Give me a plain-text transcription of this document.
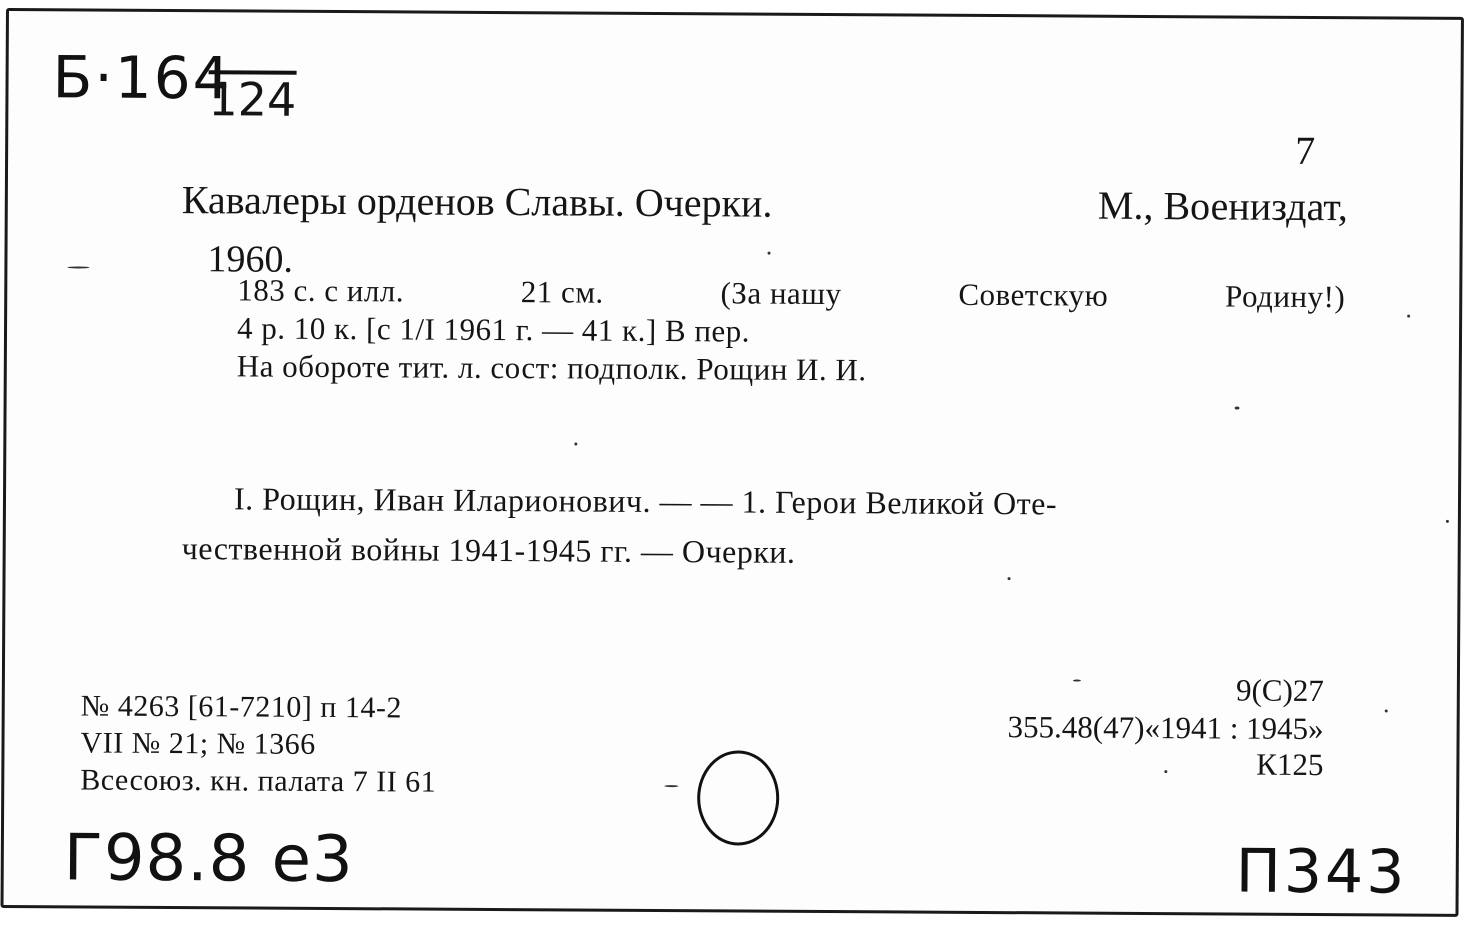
Б·164
124
7
Кавалеры орденов Славы. Очерки.	М., Воениздат,
1960.
183 с. с илл.	21 см.	(За нашу	Советскую	Родину!)
4 р. 10 к. [с 1/I 1961 г. — 41 к.] В пер.
На обороте тит. л. сост: подполк. Рощин И. И.
I. Рощин, Иван Иларионович. — — 1. Герои Великой Оте-
чественной войны 1941-1945 гг. — Очерки.
№ 4263 [61-7210] п 14-2
VII № 21; № 1366
Всесоюз. кн. палата 7 II 61
9(С)27
355.48(47)«1941 : 1945»
К125
Г98.8 е3	П343
